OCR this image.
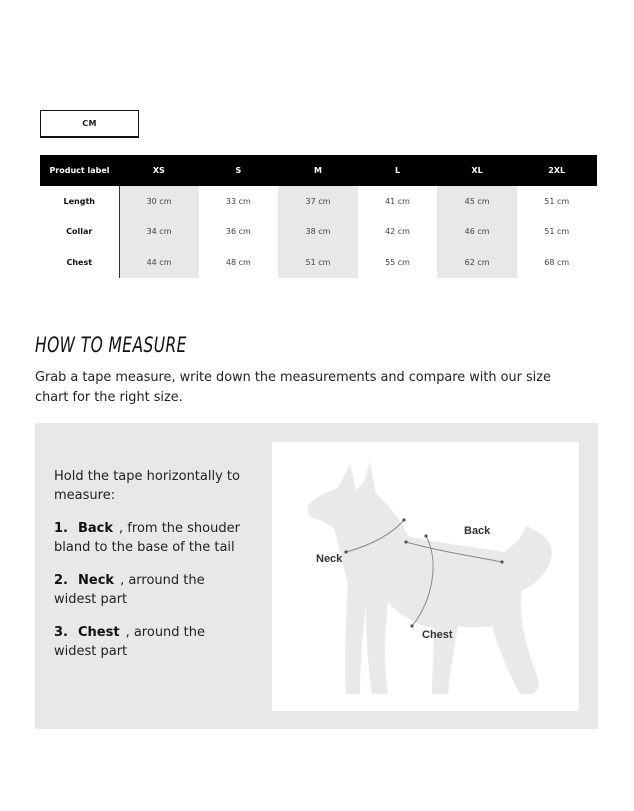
CM
Product label	XS	S	M	L	XL	2XL
Length	30 cm	33 cm	37 cm	41 cm	45 cm	51 cm
Collar	34 cm	36 cm	38 cm	42 cm	46 cm	51 cm
Chest	44 cm	48 cm	51 cm	55 cm	62 cm	68 cm
HOW TO MEASURE

Grab a tape measure, write down the measurements and compare with our size chart for the right size.

Hold the tape horizontally to measure:

1. Back , from the shouder bland to the base of the tail

2. Neck , arround the widest part

3. Chest , around the widest part

Back
Neck
Chest
